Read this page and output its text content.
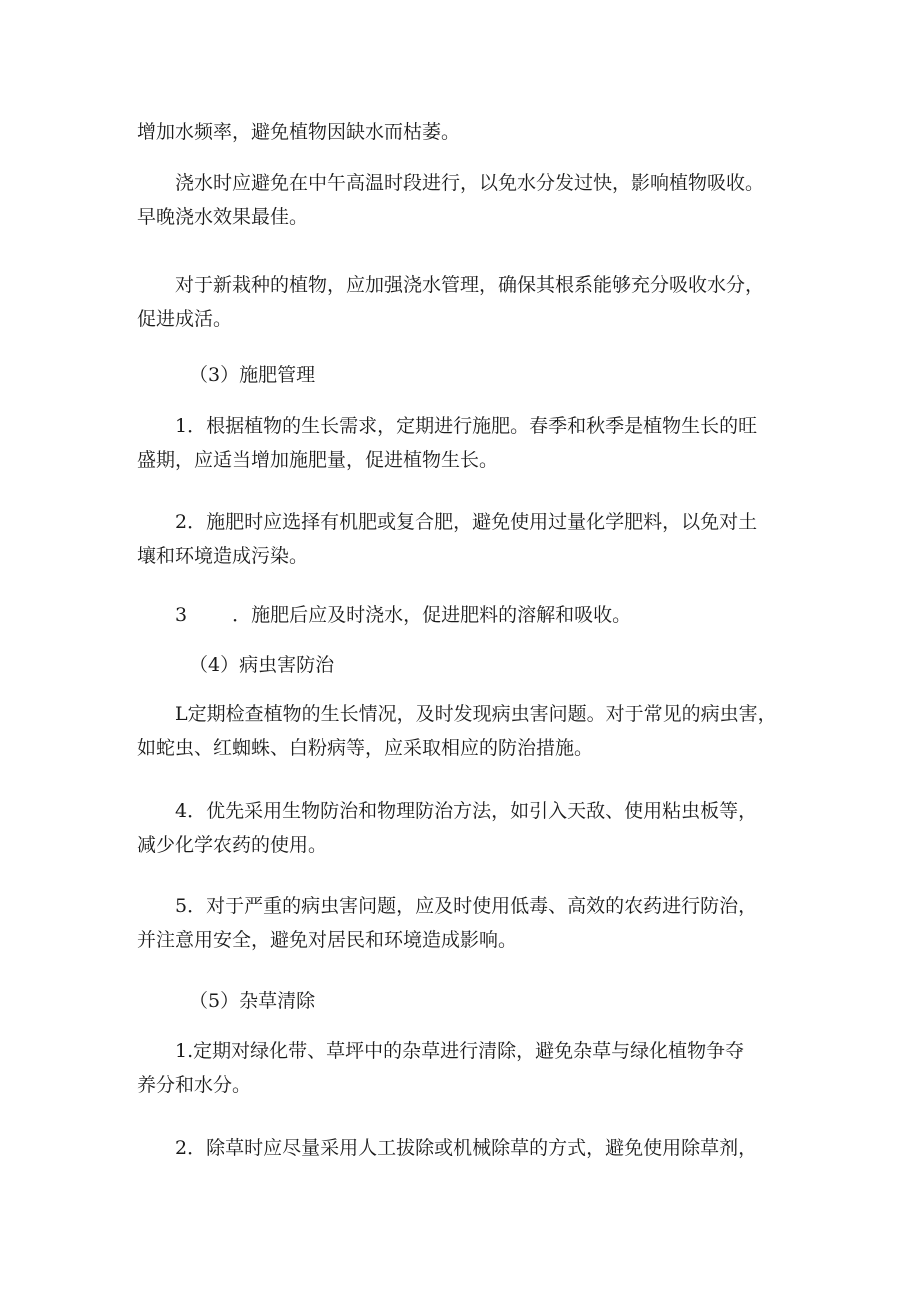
增加水频率，避免植物因缺水而枯萎。

浇水时应避免在中午高温时段进行，以免水分发过快，影响植物吸收。
早晚浇水效果最佳。

对于新栽种的植物，应加强浇水管理，确保其根系能够充分吸收水分，
促进成活。

（3）施肥管理

1．根据植物的生长需求，定期进行施肥。春季和秋季是植物生长的旺
盛期，应适当增加施肥量，促进植物生长。

2．施肥时应选择有机肥或复合肥，避免使用过量化学肥料，以免对土
壤和环境造成污染。

3 ．施肥后应及时浇水，促进肥料的溶解和吸收。

（4）病虫害防治

L定期检查植物的生长情况，及时发现病虫害问题。对于常见的病虫害，
如蛇虫、红蜘蛛、白粉病等，应采取相应的防治措施。

4．优先采用生物防治和物理防治方法，如引入天敌、使用粘虫板等，
减少化学农药的使用。

5．对于严重的病虫害问题，应及时使用低毒、高效的农药进行防治，
并注意用安全，避免对居民和环境造成影响。

（5）杂草清除

1.定期对绿化带、草坪中的杂草进行清除，避免杂草与绿化植物争夺
养分和水分。

2．除草时应尽量采用人工拔除或机械除草的方式，避免使用除草剂，
